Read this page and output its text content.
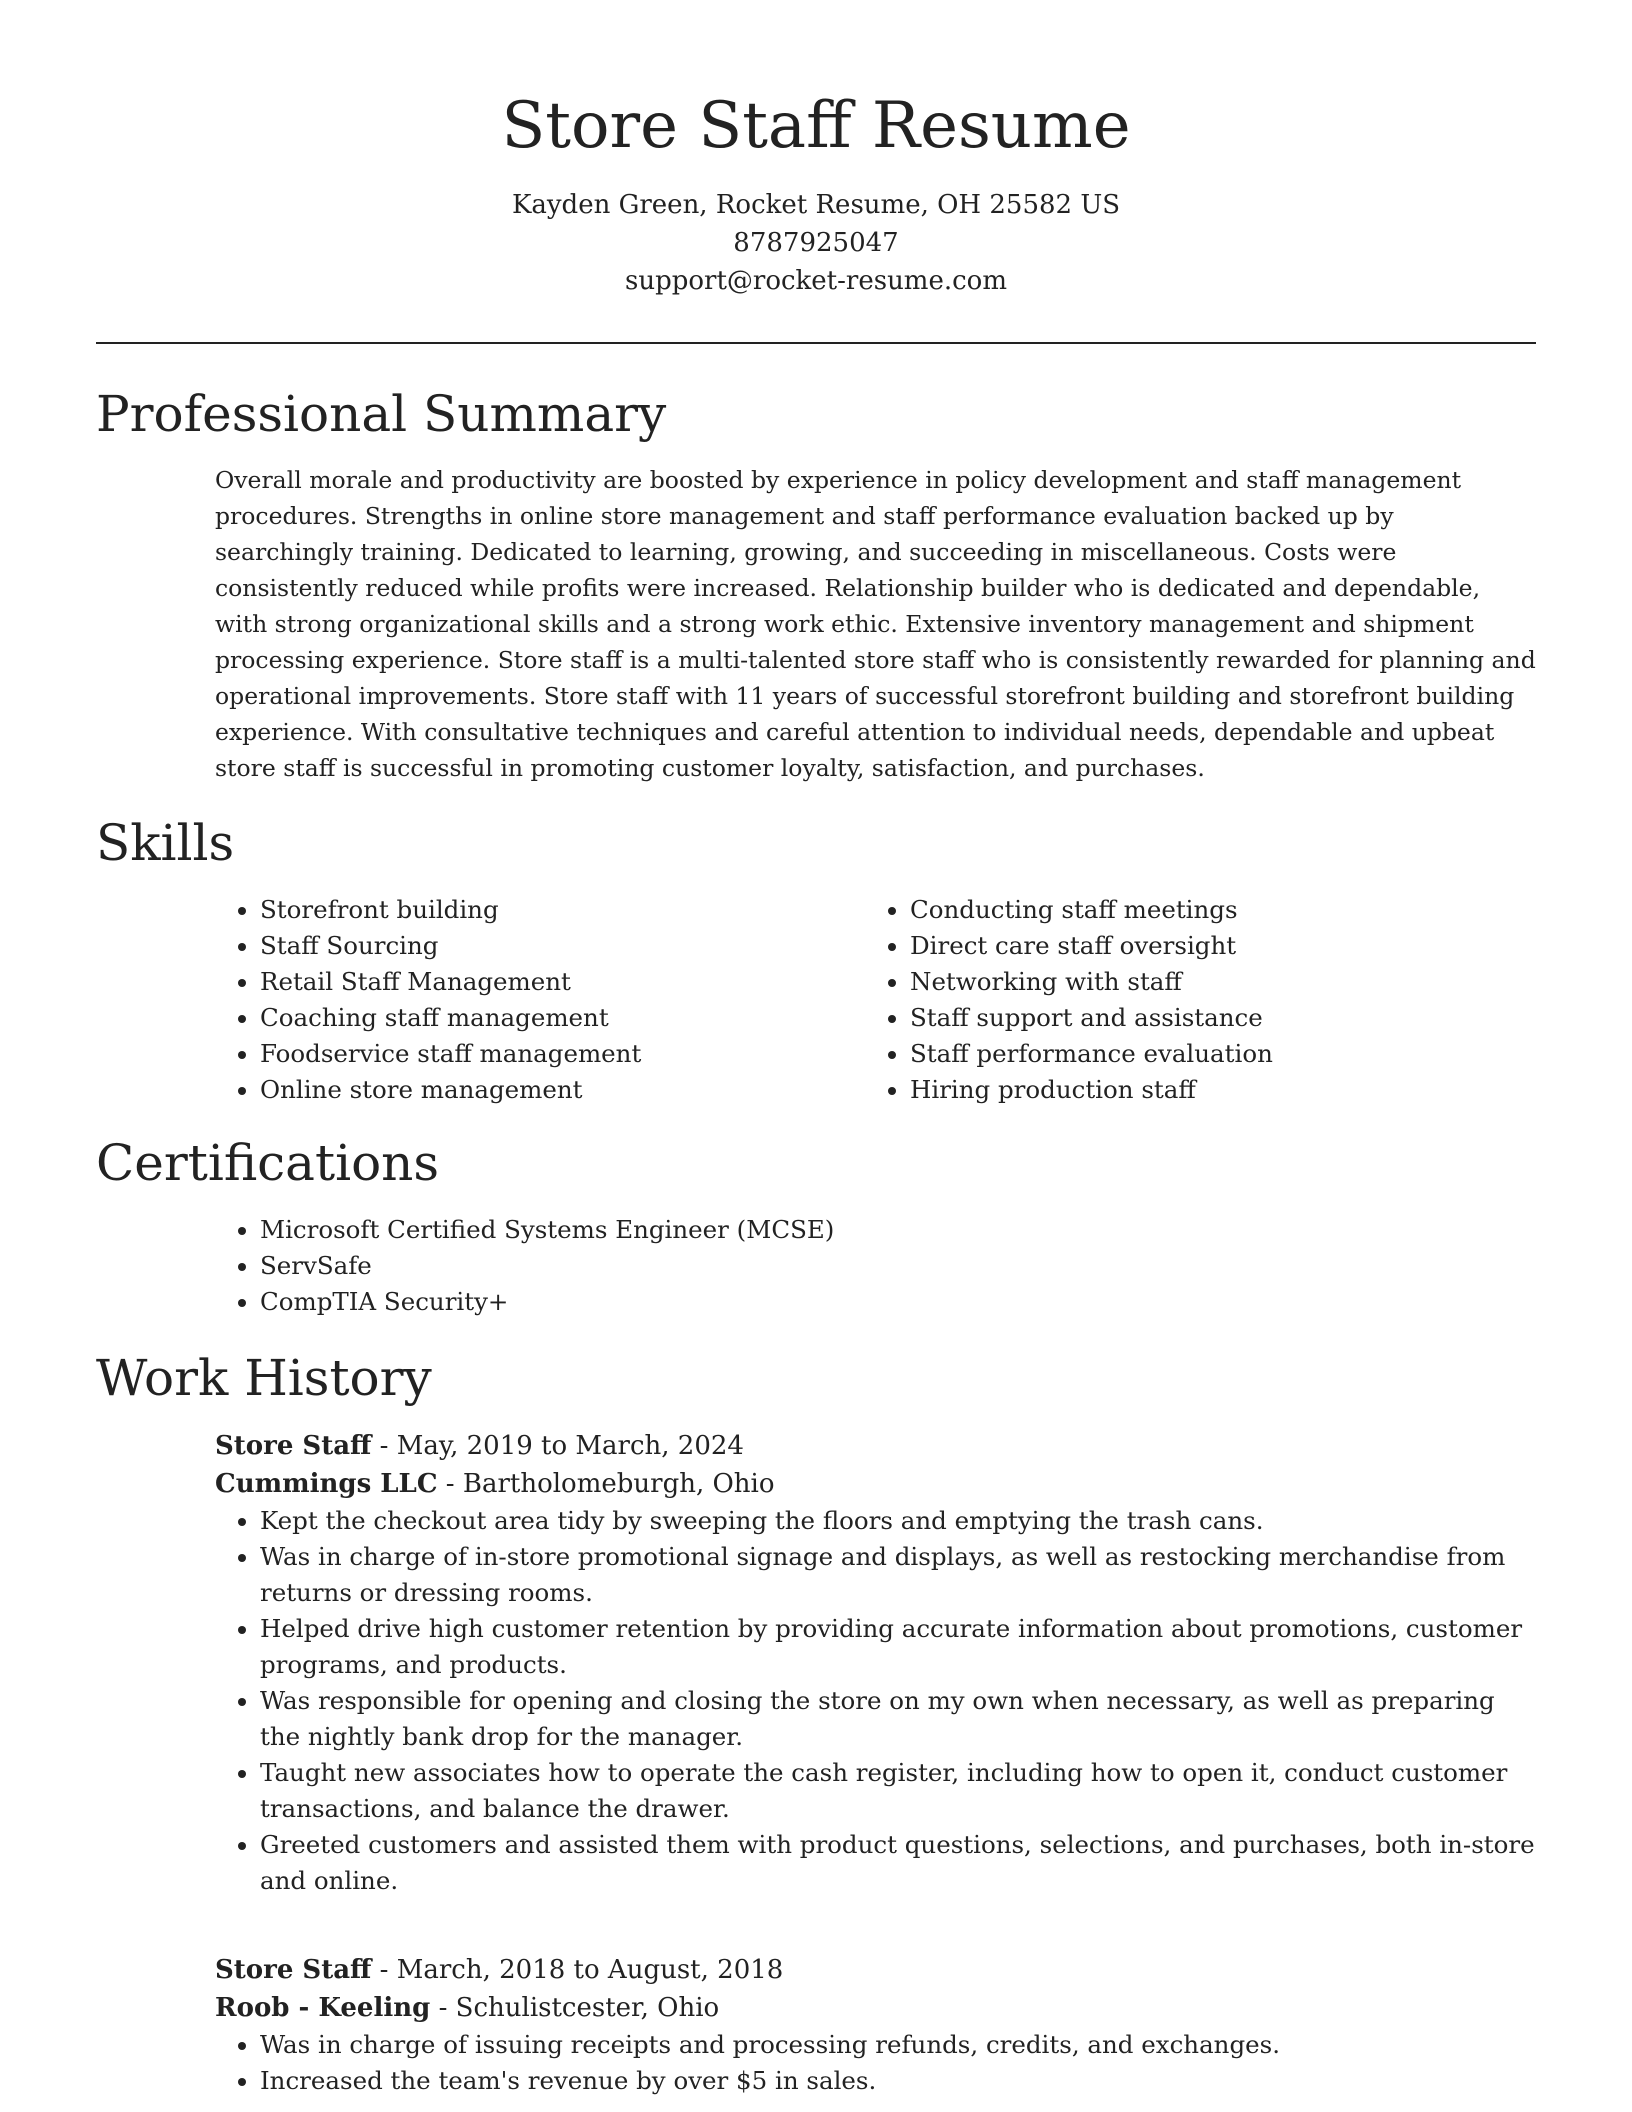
Store Staff Resume
Kayden Green, Rocket Resume, OH 25582 US
8787925047
support@rocket-resume.com
Professional Summary

Overall morale and productivity are boosted by experience in policy development and staff management procedures. Strengths in online store management and staff performance evaluation backed up by searchingly training. Dedicated to learning, growing, and succeeding in miscellaneous. Costs were consistently reduced while profits were increased. Relationship builder who is dedicated and dependable, with strong organizational skills and a strong work ethic. Extensive inventory management and shipment processing experience. Store staff is a multi-talented store staff who is consistently rewarded for planning and operational improvements. Store staff with 11 years of successful storefront building and storefront building experience. With consultative techniques and careful attention to individual needs, dependable and upbeat store staff is successful in promoting customer loyalty, satisfaction, and purchases.

Skills
• Storefront building
• Staff Sourcing
• Retail Staff Management
• Coaching staff management
• Foodservice staff management
• Online store management
• Conducting staff meetings
• Direct care staff oversight
• Networking with staff
• Staff support and assistance
• Staff performance evaluation
• Hiring production staff
Certifications
• Microsoft Certified Systems Engineer (MCSE)
• ServSafe
• CompTIA Security+
Work History
Store Staff - May, 2019 to March, 2024
Cummings LLC - Bartholomeburgh, Ohio
• Kept the checkout area tidy by sweeping the floors and emptying the trash cans.
• Was in charge of in-store promotional signage and displays, as well as restocking merchandise from returns or dressing rooms.
• Helped drive high customer retention by providing accurate information about promotions, customer programs, and products.
• Was responsible for opening and closing the store on my own when necessary, as well as preparing the nightly bank drop for the manager.
• Taught new associates how to operate the cash register, including how to open it, conduct customer transactions, and balance the drawer.
• Greeted customers and assisted them with product questions, selections, and purchases, both in-store and online.
Store Staff - March, 2018 to August, 2018
Roob - Keeling - Schulistcester, Ohio
• Was in charge of issuing receipts and processing refunds, credits, and exchanges.
• Increased the team's revenue by over $5 in sales.
